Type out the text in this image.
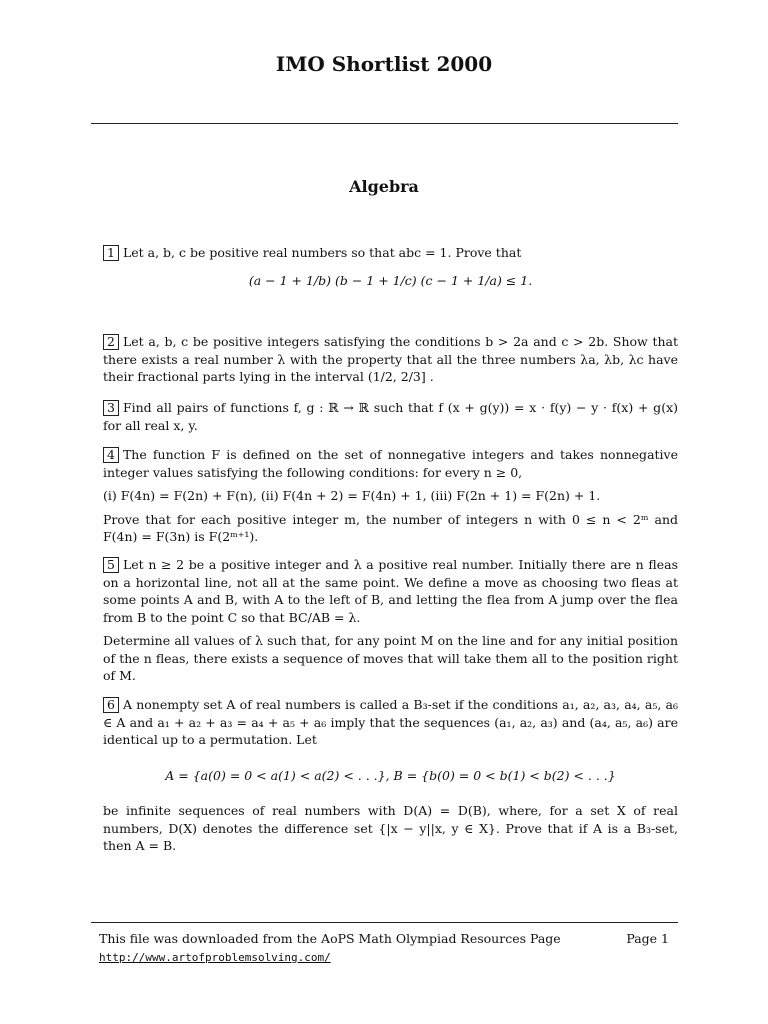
IMO Shortlist 2000
Algebra

1 Let a, b, c be positive real numbers so that abc = 1. Prove that

(a − 1 + 1/b) (b − 1 + 1/c) (c − 1 + 1/a) ≤ 1.

2 Let a, b, c be positive integers satisfying the conditions b > 2a and c > 2b. Show that there exists a real number λ with the property that all the three numbers λa, λb, λc have their fractional parts lying in the interval (1/2, 2/3] .

3 Find all pairs of functions f, g : ℝ → ℝ such that f (x + g(y)) = x · f(y) − y · f(x) + g(x) for all real x, y.

4 The function F is defined on the set of nonnegative integers and takes nonnegative integer values satisfying the following conditions: for every n ≥ 0,

(i) F(4n) = F(2n) + F(n), (ii) F(4n + 2) = F(4n) + 1, (iii) F(2n + 1) = F(2n) + 1.

Prove that for each positive integer m, the number of integers n with 0 ≤ n < 2ᵐ and F(4n) = F(3n) is F(2ᵐ⁺¹).

5 Let n ≥ 2 be a positive integer and λ a positive real number. Initially there are n fleas on a horizontal line, not all at the same point. We define a move as choosing two fleas at some points A and B, with A to the left of B, and letting the flea from A jump over the flea from B to the point C so that BC/AB = λ.

Determine all values of λ such that, for any point M on the line and for any initial position of the n fleas, there exists a sequence of moves that will take them all to the position right of M.

6 A nonempty set A of real numbers is called a B₃-set if the conditions a₁, a₂, a₃, a₄, a₅, a₆ ∈ A and a₁ + a₂ + a₃ = a₄ + a₅ + a₆ imply that the sequences (a₁, a₂, a₃) and (a₄, a₅, a₆) are identical up to a permutation. Let

A = {a(0) = 0 < a(1) < a(2) < . . .}, B = {b(0) = 0 < b(1) < b(2) < . . .}

be infinite sequences of real numbers with D(A) = D(B), where, for a set X of real numbers, D(X) denotes the difference set {|x − y||x, y ∈ X}. Prove that if A is a B₃-set, then A = B.

This file was downloaded from the AoPS Math Olympiad Resources Page	Page 1
http://www.artofproblemsolving.com/
